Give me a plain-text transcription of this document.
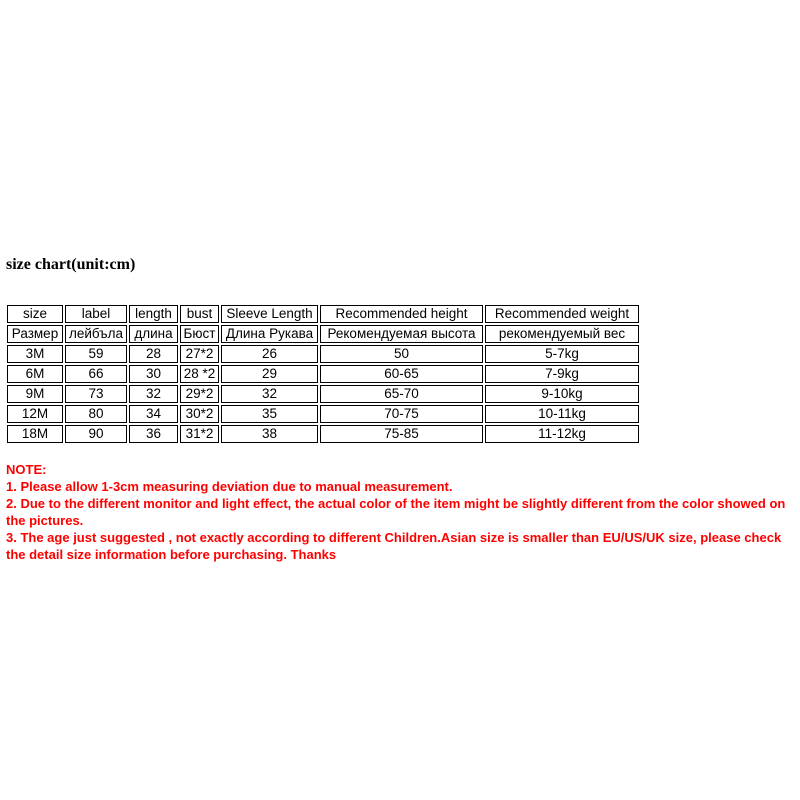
size chart(unit:cm)
size	label	length	bust	Sleeve Length	Recommended height	Recommended weight
Размер	лейбъла	длина	Бюст	Длина Рукава	Рекомендуемая высота	рекомендуемый вес
3M	59	28	27*2	26	50	5-7kg
6M	66	30	28 *2	29	60-65	7-9kg
9M	73	32	29*2	32	65-70	9-10kg
12M	80	34	30*2	35	70-75	10-11kg
18M	90	36	31*2	38	75-85	11-12kg

NOTE:

1. Please allow 1-3cm measuring deviation due to manual measurement.

2. Due to the different monitor and light effect, the actual color of the item might be slightly different from the color showed on the pictures.

3. The age just suggested , not exactly according to different Children.Asian size is smaller than EU/US/UK size, please check the detail size information before purchasing. Thanks
